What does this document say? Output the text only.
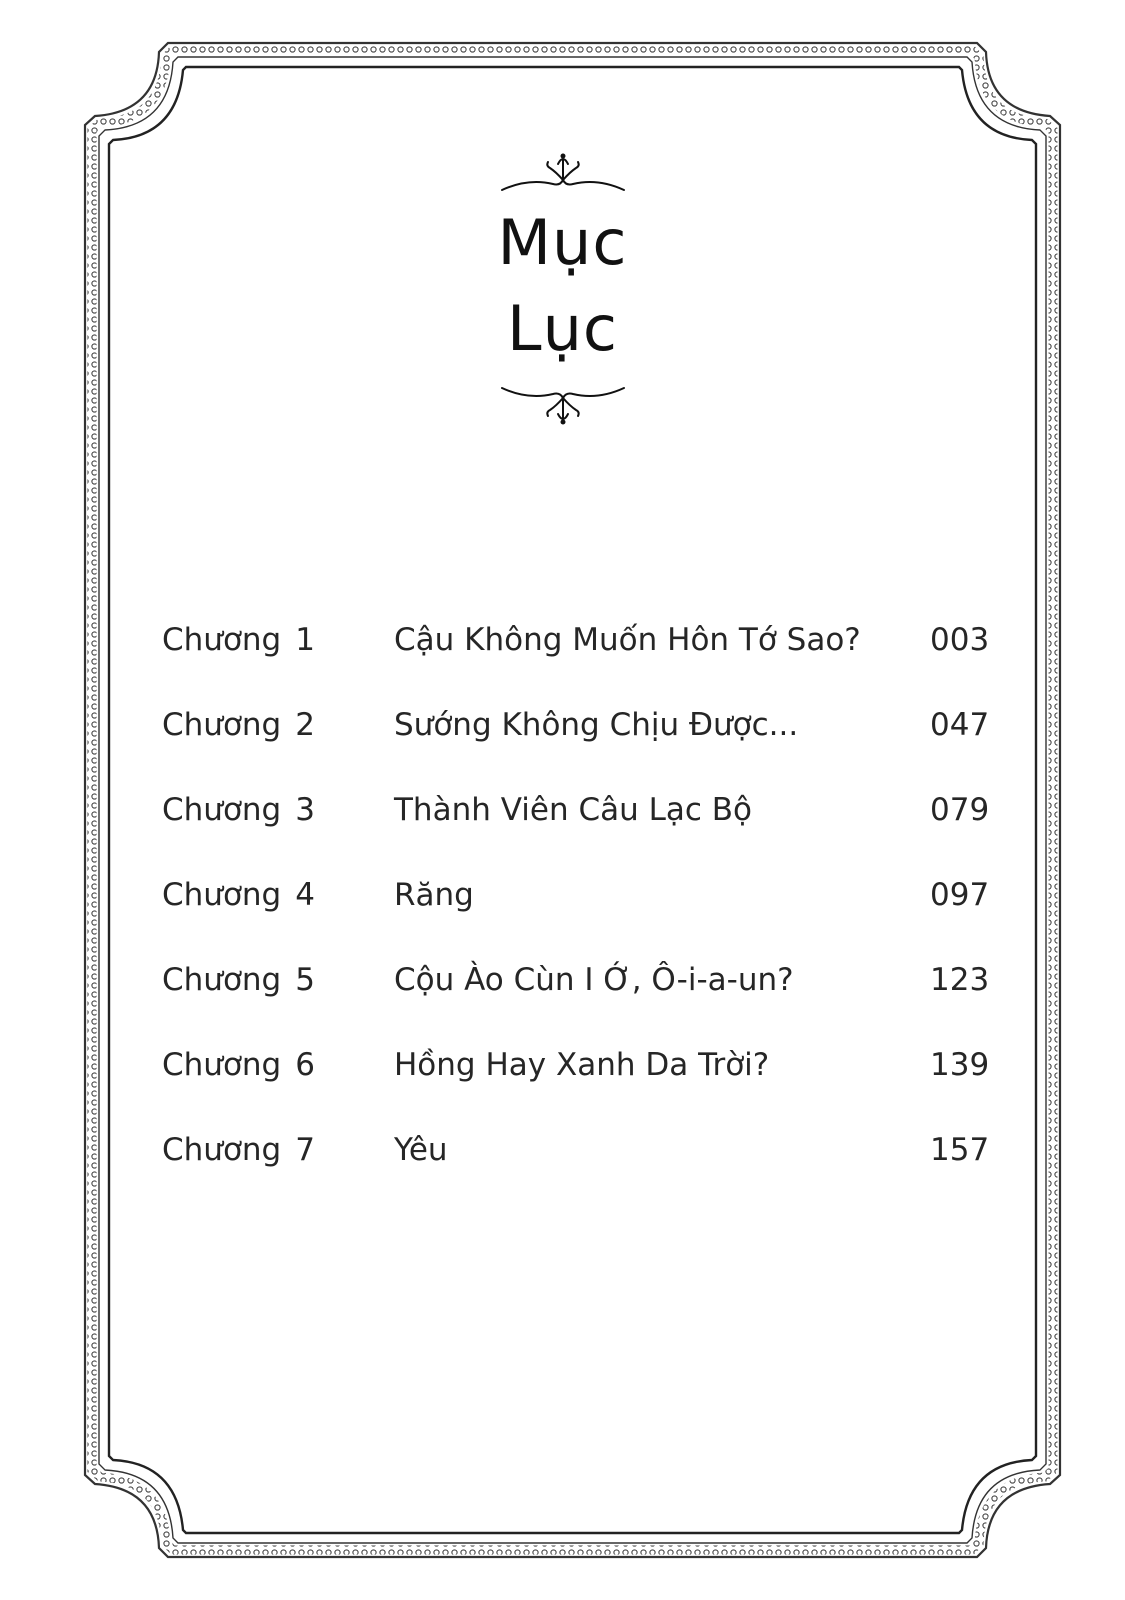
Mục
Lục
Chương 1	Cậu Không Muốn Hôn Tớ Sao? 003
Chương 2	Sướng Không Chịu Được...	047
Chương 3	Thành Viên Câu Lạc Bộ	079
Chương 4	Răng	097
Chương 5	Cộu Ào Cùn I Ớ, Ô-i-a-un?	123
Chương 6	Hồng Hay Xanh Da Trời?	139
Chương 7	Yêu	157
